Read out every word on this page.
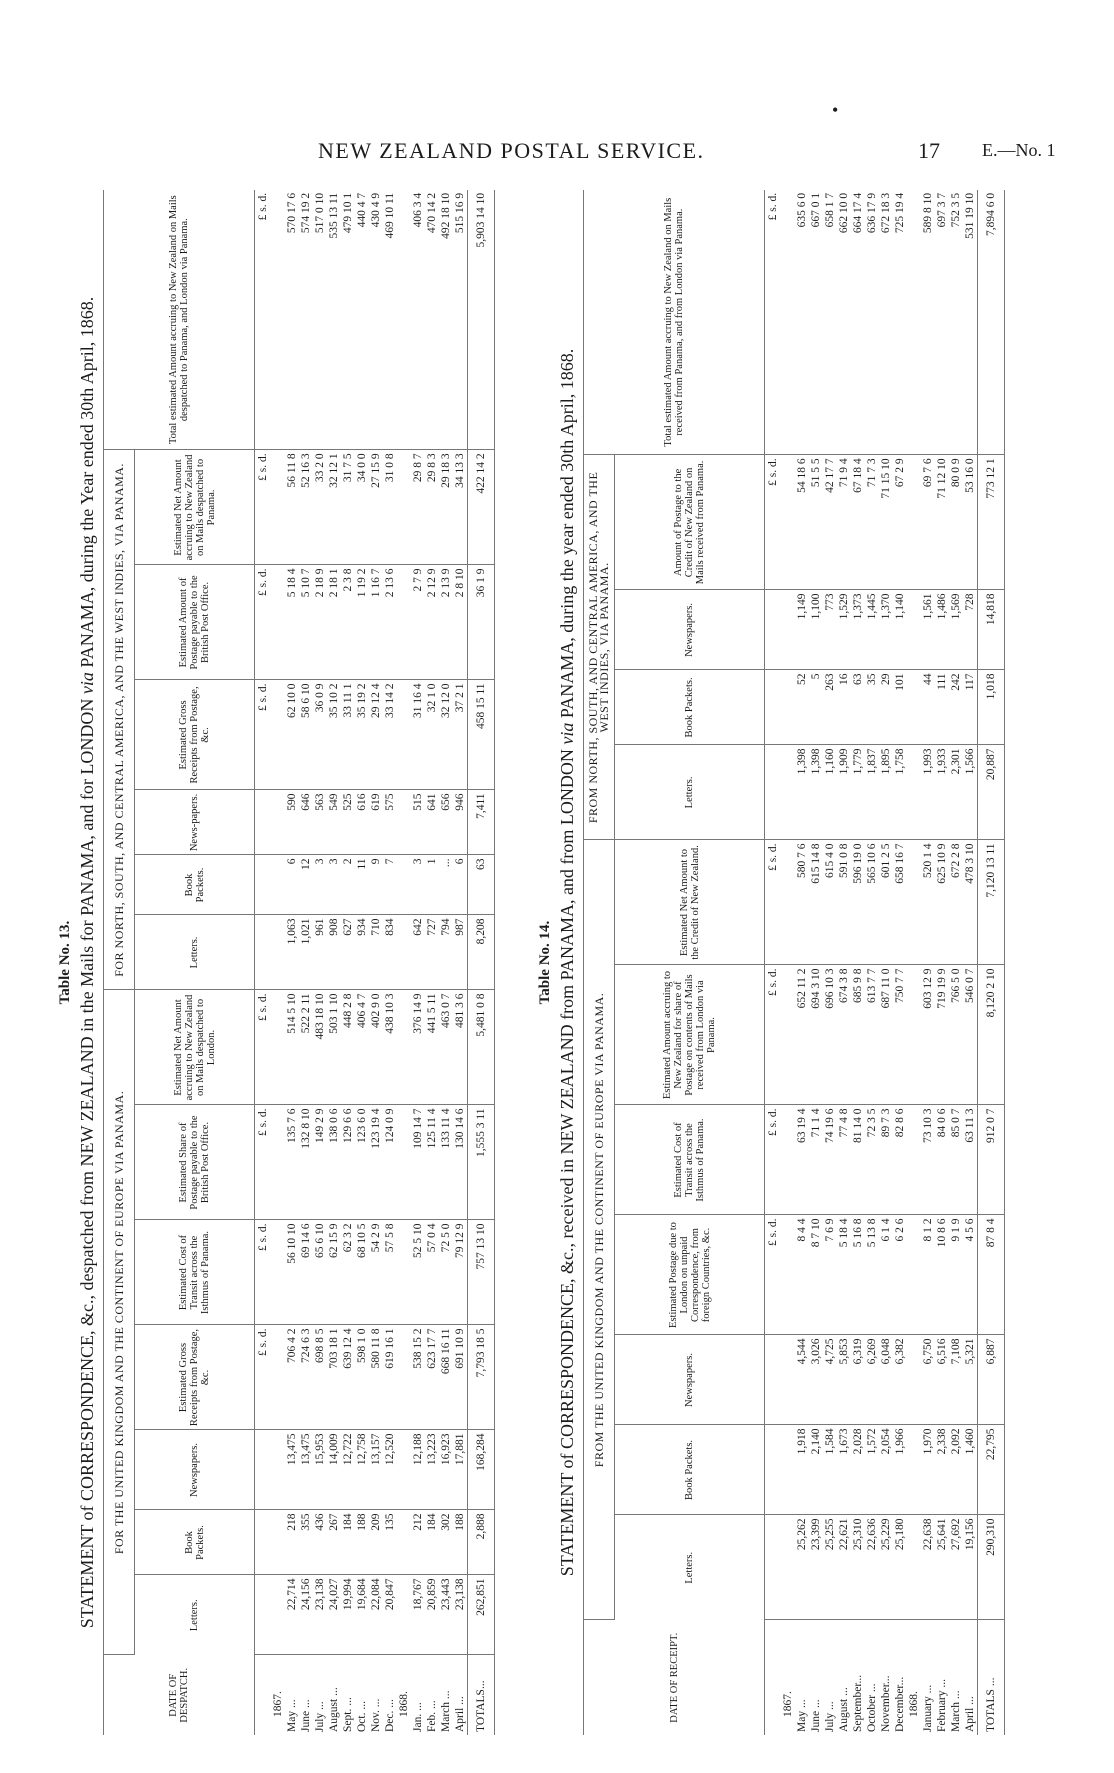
•
NEW ZEALAND POSTAL SERVICE.	17 E.—No. 1
Table No. 13. STATEMENT of CORRESPONDENCE, &c., despatched from NEW ZEALAND in the Mails for PANAMA, and for LONDON via PANAMA, during the Year ended 30th April, 1868.
DATE OF DESPATCH.	FOR THE UNITED KINGDOM AND THE CONTINENT OF EUROPE VIA PANAMA.							FOR NORTH, SOUTH, AND CENTRAL AMERICA, AND THE WEST INDIES, VIA PANAMA.						Total estimated Amount accruing to New Zealand on Mails despatched to Panama, and London via Panama.
	Letters.	Book Packets.	Newspapers.	Estimated Gross Receipts from Postage, &c.	Estimated Cost of Transit across the Isthmus of Panama.	Estimated Share of Postage payable to the British Post Office.	Estimated Net Amount accruing to New Zealand on Mails despatched to London.	Letters.	Book Packets.	News-papers.	Estimated Gross Receipts from Postage, &c.	Estimated Amount of Postage payable to the British Post Office.	Estimated Net Amount accruing to New Zealand on Mails despatched to Panama.	
				£ s. d.	£ s. d.	£ s. d.	£ s. d.				£ s. d.	£ s. d.	£ s. d.	£ s. d.
1867.														
May ...	22,714	218	13,475	706 4 2	56 10 10	135 7 6	514 5 10	1,063	6	590	62 10 0	5 18 4	56 11 8	570 17 6
June ...	24,156	355	13,475	724 6 3	69 14 6	132 8 10	522 2 11	1,021	12	646	58 6 10	5 10 7	52 16 3	574 19 2
July ...	23,138	436	15,953	698 8 5	65 6 10	149 2 9	483 18 10	961	3	563	36 0 9	2 18 9	33 2 0	517 0 10
August ...	24,027	267	14,009	703 18 1	62 15 9	138 0 6	503 1 10	908	3	549	35 10 2	2 18 1	32 12 1	535 13 11
Sept. ...	19,994	184	12,722	639 12 4	62 3 2	129 6 6	448 2 8	627	2	525	33 11 1	2 3 8	31 7 5	479 10 1
Oct. ...	19,684	188	12,758	598 1 0	68 10 5	123 6 0	406 4 7	934	11	616	35 19 2	1 19 2	34 0 0	440 4 7
Nov. ...	22,084	209	13,157	580 11 8	54 2 9	123 19 4	402 9 0	710	9	619	29 12 4	1 16 7	27 15 9	430 4 9
Dec. ...	20,847	135	12,520	619 16 1	57 5 8	124 0 9	438 10 3	834	7	575	33 14 2	2 13 6	31 0 8	469 10 11
1868.														
Jan. ...	18,767	212	12,188	538 15 2	52 5 10	109 14 7	376 14 9	642	3	515	31 16 4	2 7 9	29 8 7	406 3 4
Feb. ...	20,859	184	13,223	623 17 7	57 0 4	125 11 4	441 5 11	727	1	641	32 1 0	2 12 9	29 8 3	470 14 2
March ...	23,443	302	16,923	668 16 11	72 5 0	133 11 4	463 0 7	794	...	656	32 12 0	2 13 9	29 18 3	492 18 10
April ...	23,138	188	17,881	691 10 9	79 12 9	130 14 6	481 3 6	987	6	946	37 2 1	2 8 10	34 13 3	515 16 9
TOTALS...	262,851	2,888	168,284	7,793 18 5	757 13 10	1,555 3 11	5,481 0 8	8,208	63	7,411	458 15 11	36 1 9	422 14 2	5,903 14 10
Table No. 14. STATEMENT of CORRESPONDENCE, &c., received in NEW ZEALAND from PANAMA, and from LONDON via PANAMA, during the year ended 30th April, 1868.
DATE OF RECEIPT.	FROM THE UNITED KINGDOM AND THE CONTINENT OF EUROPE VIA PANAMA.							FROM NORTH, SOUTH, AND CENTRAL AMERICA, AND THE WEST INDIES, VIA PANAMA.				Total estimated Amount accruing to New Zealand on Mails received from Panama, and from London via Panama.
	Letters.	Book Packets.	Newspapers.	Estimated Postage due to London on unpaid Correspondence, from foreign Countries, &c.	Estimated Cost of Transit across the Isthmus of Panama.	Estimated Amount accruing to New Zealand for share of Postage on contents of Mails received from London via Panama.	Estimated Net Amount to the Credit of New Zealand.	Letters.	Book Packets.	Newspapers.	Amount of Postage to the Credit of New Zealand on Mails received from Panama.	
				£ s. d.	£ s. d.	£ s. d.	£ s. d.				£ s. d.	£ s. d.
1867.												
May ...	25,262	1,918	4,544	8 4 4	63 19 4	652 11 2	580 7 6	1,398	52	1,149	54 18 6	635 6 0
June ...	23,399	2,140	3,026	8 7 10	71 1 4	694 3 10	615 14 8	1,398	5	1,100	51 5 5	667 0 1
July ...	25,255	1,584	4,725	7 6 9	74 19 6	696 10 3	615 4 0	1,160	263	773	42 17 7	658 1 7
August ...	22,621	1,673	5,853	5 18 4	77 4 8	674 3 8	591 0 8	1,909	16	1,529	71 9 4	662 10 0
September...	25,310	2,028	6,319	5 16 8	81 14 0	685 9 8	596 19 0	1,779	63	1,373	67 18 4	664 17 4
October ...	22,636	1,572	6,269	5 13 8	72 3 5	613 7 7	565 10 6	1,837	35	1,445	71 7 3	636 17 9
November...	25,229	2,054	6,048	6 1 4	89 7 3	687 11 0	601 2 5	1,895	29	1,370	71 15 10	672 18 3
December...	25,180	1,966	6,382	6 2 6	82 8 6	750 7 7	658 16 7	1,758	101	1,140	67 2 9	725 19 4
1868.												
January ...	22,638	1,970	6,750	8 1 2	73 10 3	603 12 9	520 1 4	1,993	44	1,561	69 7 6	589 8 10
February ...	25,641	2,338	6,516	10 8 6	84 0 6	719 19 9	625 10 9	1,933	111	1,486	71 12 10	697 3 7
March ...	27,692	2,092	7,108	9 1 9	85 0 7	766 5 0	672 2 8	2,301	242	1,569	80 0 9	752 3 5
April ...	19,156	1,460	5,321	4 5 6	63 11 3	546 0 7	478 3 10	1,566	117	728	53 16 0	531 19 10
TOTALS ...	290,310	22,795	6,887	87 8 4	912 0 7	8,120 2 10	7,120 13 11	20,887	1,018	14,818	773 12 1	7,894 6 0
